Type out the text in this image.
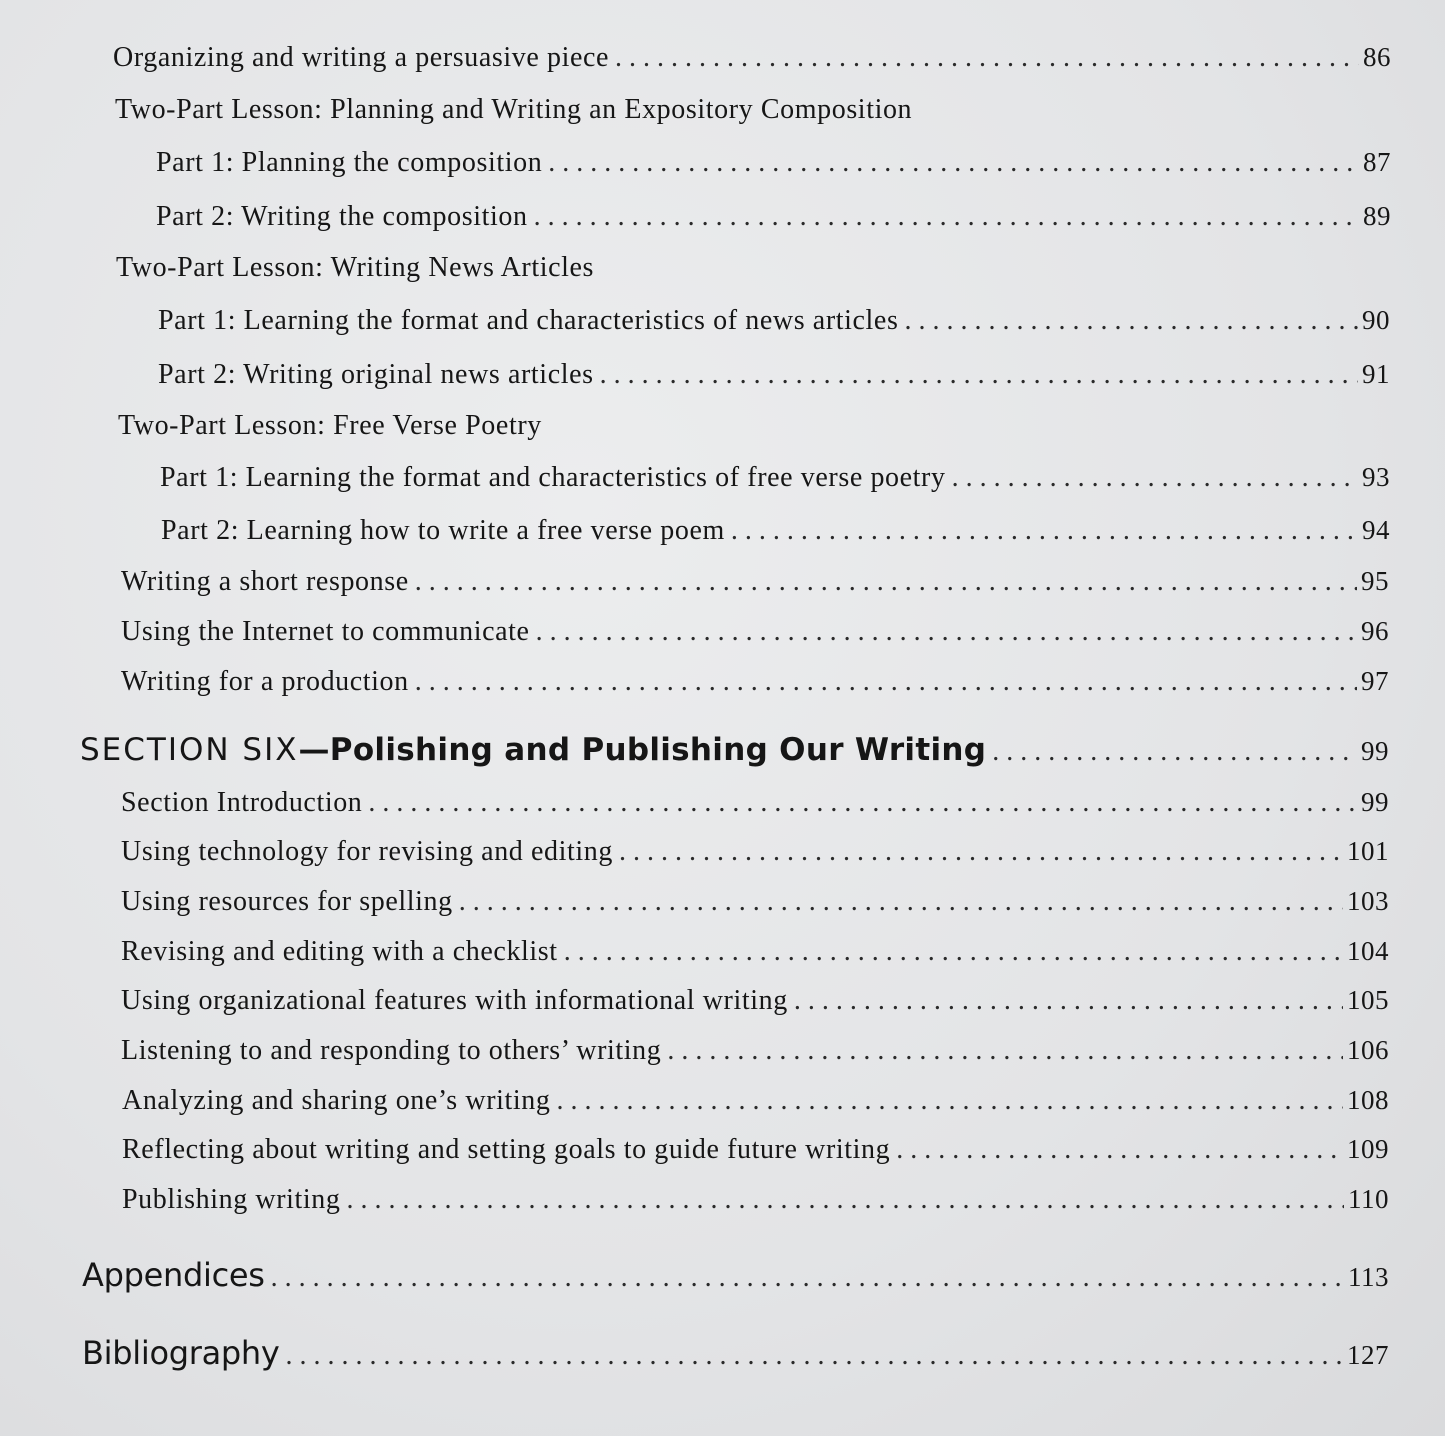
Organizing and writing a persuasive piece . . .	86
Two-Part Lesson: Planning and Writing an Expository Composition
Part 1: Planning the composition . . .	87
Part 2: Writing the composition . . .	89
Two-Part Lesson: Writing News Articles
Part 1: Learning the format and characteristics of news articles . . .	90
Part 2: Writing original news articles . . .	91
Two-Part Lesson: Free Verse Poetry
Part 1: Learning the format and characteristics of free verse poetry . . .	93
Part 2: Learning how to write a free verse poem . . .	94
Writing a short response . . .	95
Using the Internet to communicate . . .	96
Writing for a production . . .	97
SECTION SIX —Polishing and Publishing Our Writing . . .	99
Section Introduction . . .	99
Using technology for revising and editing . . .	101
Using resources for spelling . . .	103
Revising and editing with a checklist . . .	104
Using organizational features with informational writing . . .	105
Listening to and responding to others’ writing . . .	106
Analyzing and sharing one’s writing . . .	108
Reflecting about writing and setting goals to guide future writing . . .	109
Publishing writing . . .	110
Appendices . . .	113
Bibliography . . .	127
